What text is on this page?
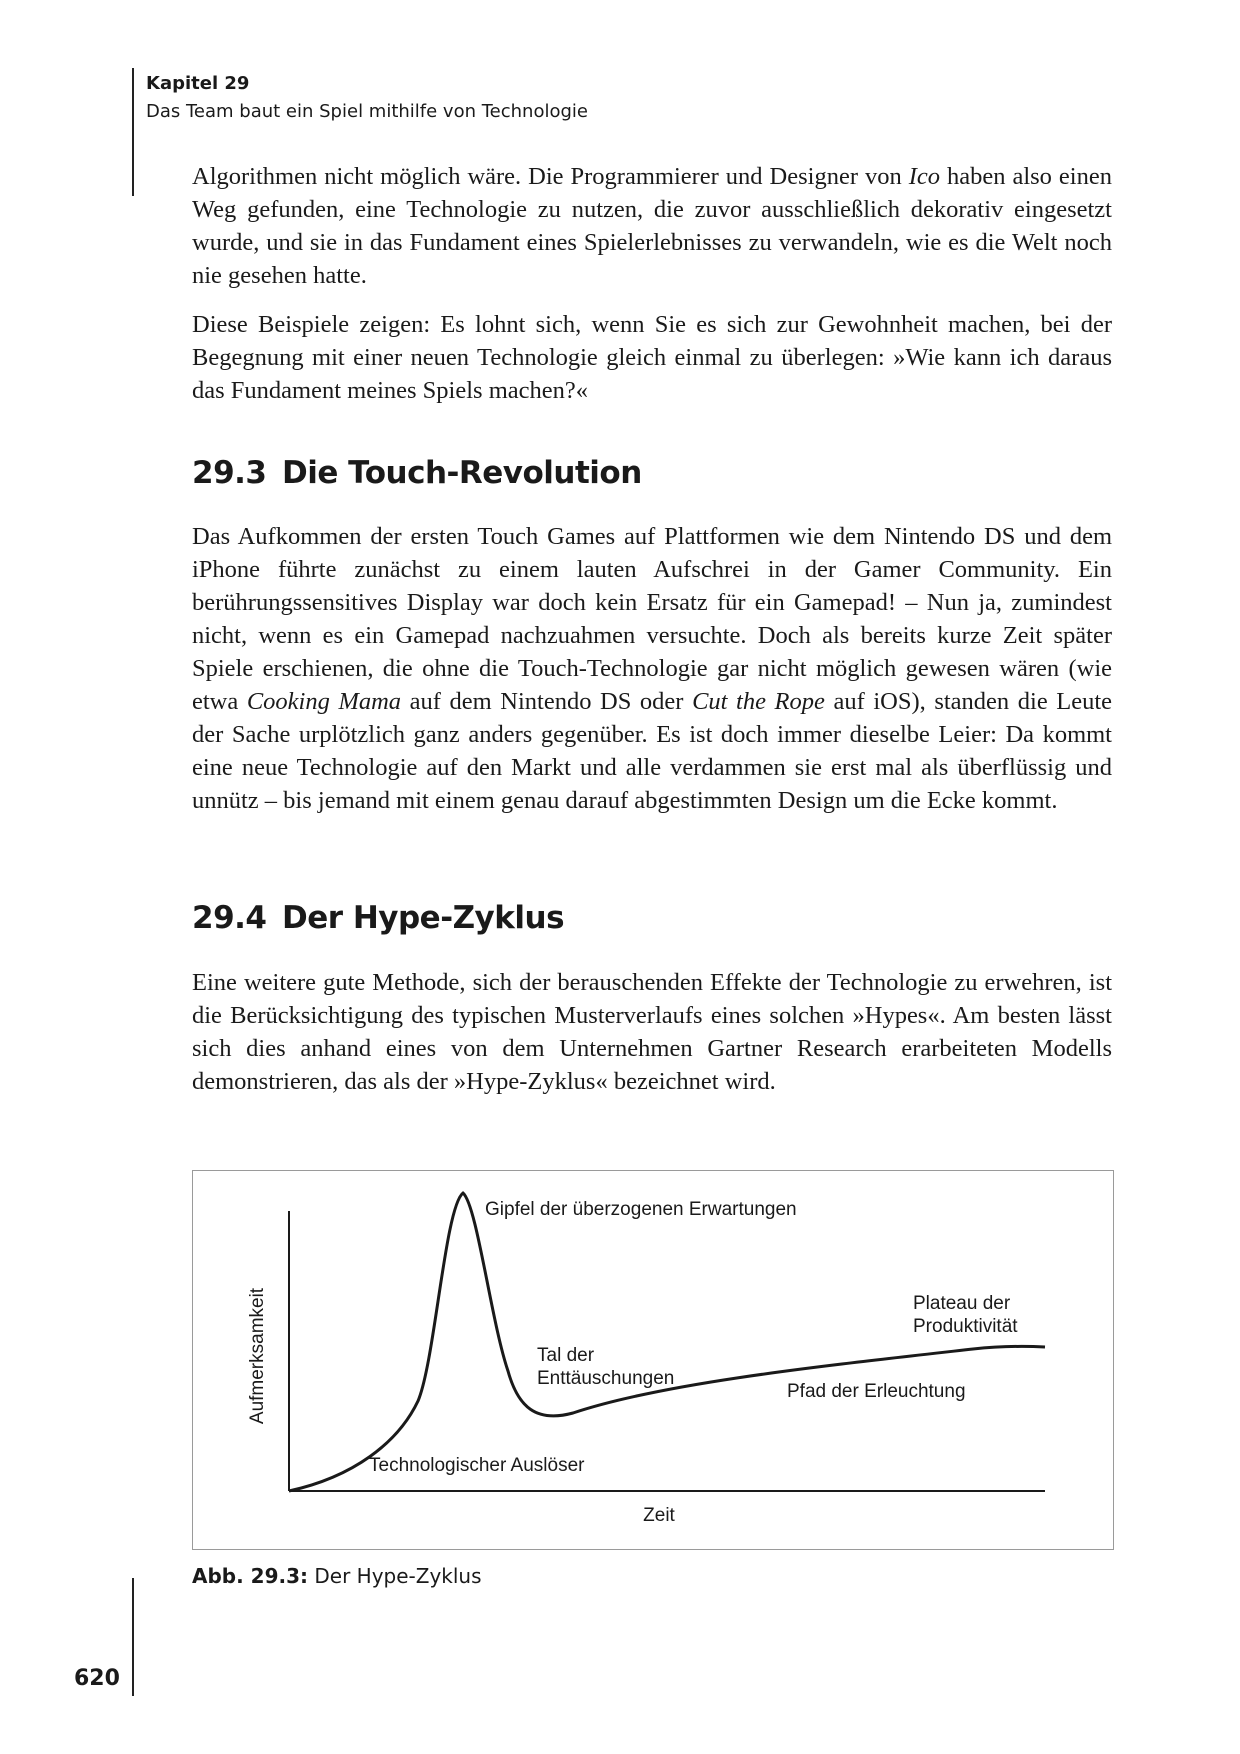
Kapitel 29
Das Team baut ein Spiel mithilfe von Technologie

Algorithmen nicht möglich wäre. Die Programmierer und Designer von Ico haben also einen Weg gefunden, eine Technologie zu nutzen, die zuvor ausschließlich dekorativ eingesetzt wurde, und sie in das Fundament eines Spielerlebnisses zu verwandeln, wie es die Welt noch nie gesehen hatte.

Diese Beispiele zeigen: Es lohnt sich, wenn Sie es sich zur Gewohnheit machen, bei der Begegnung mit einer neuen Technologie gleich einmal zu überlegen: »Wie kann ich daraus das Fundament meines Spiels machen?«

29.3 Die Touch-Revolution

Das Aufkommen der ersten Touch Games auf Plattformen wie dem Nintendo DS und dem iPhone führte zunächst zu einem lauten Aufschrei in der Gamer Community. Ein berührungssensitives Display war doch kein Ersatz für ein Gamepad! – Nun ja, zumindest nicht, wenn es ein Gamepad nachzuahmen versuchte. Doch als bereits kurze Zeit später Spiele erschienen, die ohne die Touch-Technologie gar nicht möglich gewesen wären (wie etwa Cooking Mama auf dem Nintendo DS oder Cut the Rope auf iOS), standen die Leute der Sache urplötzlich ganz anders gegenüber. Es ist doch immer dieselbe Leier: Da kommt eine neue Technologie auf den Markt und alle verdammen sie erst mal als überflüssig und unnütz – bis jemand mit einem genau darauf abgestimmten Design um die Ecke kommt.

29.4 Der Hype-Zyklus

Eine weitere gute Methode, sich der berauschenden Effekte der Technologie zu erwehren, ist die Berücksichtigung des typischen Musterverlaufs eines solchen »Hypes«. Am besten lässt sich dies anhand eines von dem Unternehmen Gartner Research erarbeiteten Modells demonstrieren, das als der »Hype-Zyklus« bezeichnet wird.

Aufmerksamkeit
Zeit
Gipfel der überzogenen Erwartungen
Tal der
Enttäuschungen
Plateau der
Produktivität
Pfad der Erleuchtung
Technologischer Auslöser
Abb. 29.3: Der Hype-Zyklus
620
